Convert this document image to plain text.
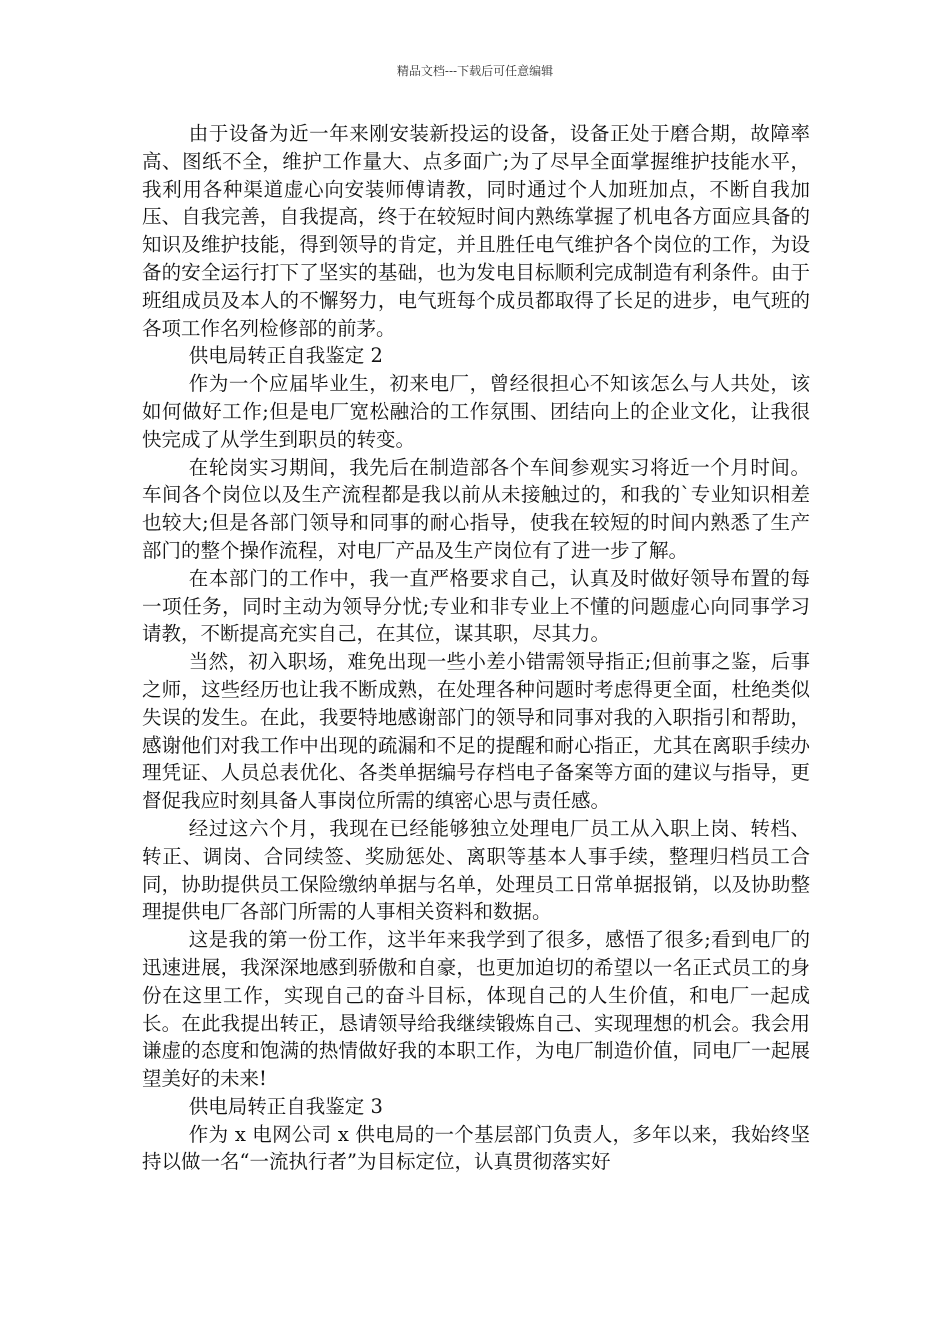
精品文档---下载后可任意编辑

由于设备为近一年来刚安装新投运的设备，设备正处于磨合期，故障率高、图纸不全，维护工作量大、点多面广;为了尽早全面掌握维护技能水平，我利用各种渠道虚心向安装师傅请教，同时通过个人加班加点，不断自我加压、自我完善，自我提高，终于在较短时间内熟练掌握了机电各方面应具备的知识及维护技能，得到领导的肯定，并且胜任电气维护各个岗位的工作，为设备的安全运行打下了坚实的基础，也为发电目标顺利完成制造有利条件。由于班组成员及本人的不懈努力，电气班每个成员都取得了长足的进步，电气班的各项工作名列检修部的前茅。

供电局转正自我鉴定 2

作为一个应届毕业生，初来电厂，曾经很担心不知该怎么与人共处，该如何做好工作;但是电厂宽松融洽的工作氛围、团结向上的企业文化，让我很快完成了从学生到职员的转变。

在轮岗实习期间，我先后在制造部各个车间参观实习将近一个月时间。车间各个岗位以及生产流程都是我以前从未接触过的，和我的`专业知识相差也较大;但是各部门领导和同事的耐心指导，使我在较短的时间内熟悉了生产部门的整个操作流程，对电厂产品及生产岗位有了进一步了解。

在本部门的工作中，我一直严格要求自己，认真及时做好领导布置的每一项任务，同时主动为领导分忧;专业和非专业上不懂的问题虚心向同事学习请教，不断提高充实自己，在其位，谋其职，尽其力。

当然，初入职场，难免出现一些小差小错需领导指正;但前事之鉴，后事之师，这些经历也让我不断成熟，在处理各种问题时考虑得更全面，杜绝类似失误的发生。在此，我要特地感谢部门的领导和同事对我的入职指引和帮助，感谢他们对我工作中出现的疏漏和不足的提醒和耐心指正，尤其在离职手续办理凭证、人员总表优化、各类单据编号存档电子备案等方面的建议与指导，更督促我应时刻具备人事岗位所需的缜密心思与责任感。

经过这六个月，我现在已经能够独立处理电厂员工从入职上岗、转档、转正、调岗、合同续签、奖励惩处、离职等基本人事手续，整理归档员工合同，协助提供员工保险缴纳单据与名单，处理员工日常单据报销，以及协助整理提供电厂各部门所需的人事相关资料和数据。

这是我的第一份工作，这半年来我学到了很多，感悟了很多;看到电厂的迅速进展，我深深地感到骄傲和自豪，也更加迫切的希望以一名正式员工的身份在这里工作，实现自己的奋斗目标，体现自己的人生价值，和电厂一起成长。在此我提出转正，恳请领导给我继续锻炼自己、实现理想的机会。我会用谦虚的态度和饱满的热情做好我的本职工作，为电厂制造价值，同电厂一起展望美好的未来!

供电局转正自我鉴定 3

作为 x 电网公司 x 供电局的一个基层部门负责人，多年以来，我始终坚持以做一名“一流执行者”为目标定位，认真贯彻落实好
